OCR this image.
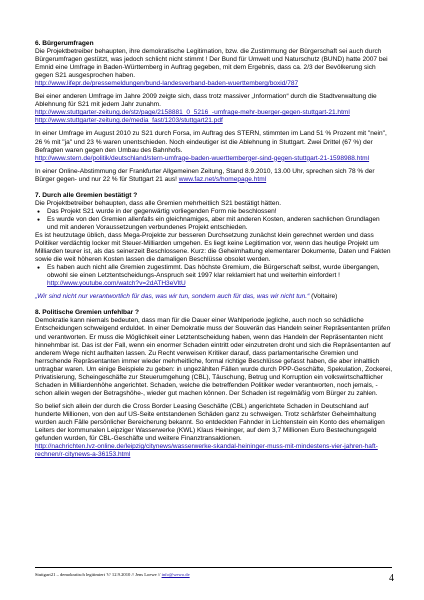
6. Bürgerumfragen

Die Projektbetreiber behaupten, ihre demokratische Legitimation, bzw. die Zustimmung der Bürgerschaft sei auch durch Bürgerumfragen gestützt, was jedoch schlicht nicht stimmt ! Der Bund für Umwelt und Naturschutz (BUND) hatte 2007 bei Emnid eine Umfrage in Baden-Württemberg in Auftrag gegeben, mit dem Ergebnis, dass ca. 2/3 der Bevölkerung sich gegen S21 ausgesprochen haben.

http://www.lifepr.de/pressemeldungen/bund-landesverband-baden-wuerttemberg/boxid/787

Bei einer anderen Umfrage im Jahre 2009 zeigte sich, dass trotz massiver „Information“ durch die Stadtverwaltung die Ablehnung für S21 mit jedem Jahr zunahm.

http://www.stuttgarter-zeitung.de/stz/page/2158881_0_5216_-umfrage-mehr-buerger-gegen-stuttgart-21.html http://www.stuttgarter-zeitung.de/media_fast/1203/stuttgart21.pdf

In einer Umfrage im August 2010 zu S21 durch Forsa, im Auftrag des STERN, stimmten im Land 51 % Prozent mit "nein", 26 % mit "ja" und 23 % waren unentschieden. Noch eindeutiger ist die Ablehnung in Stuttgart. Zwei Drittel (67 %) der Befragten waren gegen den Umbau des Bahnhofs.

http://www.stern.de/politik/deutschland/stern-umfrage-baden-wuerttemberger-sind-gegen-stuttgart-21-1598988.html

In einer Online-Abstimmung der Frankfurter Allgemeinen Zeitung, Stand 8.9.2010, 13.00 Uhr, sprechen sich 78 % der Bürger gegen- und nur 22 % für Stuttgart 21 aus! www.faz.net/s/homepage.html

7. Durch alle Gremien bestätigt ?

Die Projektbetreiber behaupten, dass alle Gremien mehrheitlich S21 bestätigt hätten.

● Das Projekt S21 wurde in der gegenwärtig vorliegenden Form nie beschlossen!
● Es wurde von den Gremien allenfalls ein gleichnamiges, aber mit anderen Kosten, anderen sachlichen Grundlagen und mit anderen Voraussetzungen verbundenes Projekt entschieden.

Es ist heutzutage üblich, dass Mega-Projekte zur besseren Durchsetzung zunächst klein gerechnet werden und dass Politiker verdächtig locker mit Steuer-Milliarden umgehen. Es liegt keine Legitimation vor, wenn das heutige Projekt um Milliarden teurer ist, als das seinerzeit Beschlossene. Kurz: die Geheimhaltung elementarer Dokumente, Daten und Fakten sowie die weit höheren Kosten lassen die damaligen Beschlüsse obsolet werden.

● Es haben auch nicht alle Gremien zugestimmt. Das höchste Gremium, die Bürgerschaft selbst, wurde übergangen, obwohl sie einen Letztentscheidungs-Anspruch seit 1997 klar reklamiert hat und weiterhin einfordert ! http://www.youtube.com/watch?v=2dATH3eVltU

„Wir sind nicht nur verantwortlich für das, was wir tun, sondern auch für das, was wir nicht tun.“ (Voltaire)

8. Politische Gremien unfehlbar ?

Demokratie kann niemals bedeuten, dass man für die Dauer einer Wahlperiode jegliche, auch noch so schädliche Entscheidungen schweigend erduldet. In einer Demokratie muss der Souverän das Handeln seiner Repräsentanten prüfen und verantworten. Er muss die Möglichkeit einer Letztentscheidung haben, wenn das Handeln der Repräsentanten nicht hinnehmbar ist. Das ist der Fall, wenn ein enormer Schaden eintritt oder einzutreten droht und sich die Repräsentanten auf anderem Wege nicht aufhalten lassen. Zu Recht verweisen Kritiker darauf, dass parlamentarische Gremien und herrschende Repräsentanten immer wieder mehrheitliche, formal richtige Beschlüsse gefasst haben, die aber inhaltlich untragbar waren. Um einige Beispiele zu geben: in ungezählten Fällen wurde durch PPP-Geschäfte, Spekulation, Zockerei, Privatisierung, Scheingeschäfte zur Steuerumgehung (CBL), Täuschung, Betrug und Korruption ein volkswirtschaftlicher Schaden in Milliardenhöhe angerichtet. Schaden, welche die betreffenden Politiker weder verantworten, noch jemals, -schon allein wegen der Betragshöhe-, wieder gut machen können. Der Schaden ist regelmäßig vom Bürger zu zahlen.

So belief sich allein der durch die Cross Border Leasing Geschäfte (CBL) angerichtete Schaden in Deutschland auf hunderte Millionen, von den auf US-Seite entstandenen Schäden ganz zu schweigen. Trotz schärfster Geheimhaltung wurden auch Fälle persönlicher Bereicherung bekannt. So entdeckten Fahnder in Lichtenstein ein Konto des ehemaligen Leiters der kommunalen Leipziger Wasserwerke (KWL) Klaus Heininger, auf dem 3,7 Millionen Euro Bestechungsgeld gefunden wurden, für CBL-Geschäfte und weitere Finanztransaktionen.

http://nachrichten.lvz-online.de/leipzig/citynews/wasserwerke-skandal-heininger-muss-mit-mindestens-vier-jahren-haft-rechnen/r-citynews-a-36153.html

Stuttgart21 – demokratisch legitimiert ?// 12.9.2010 // Jens Loewe // info@wewo.de	4
